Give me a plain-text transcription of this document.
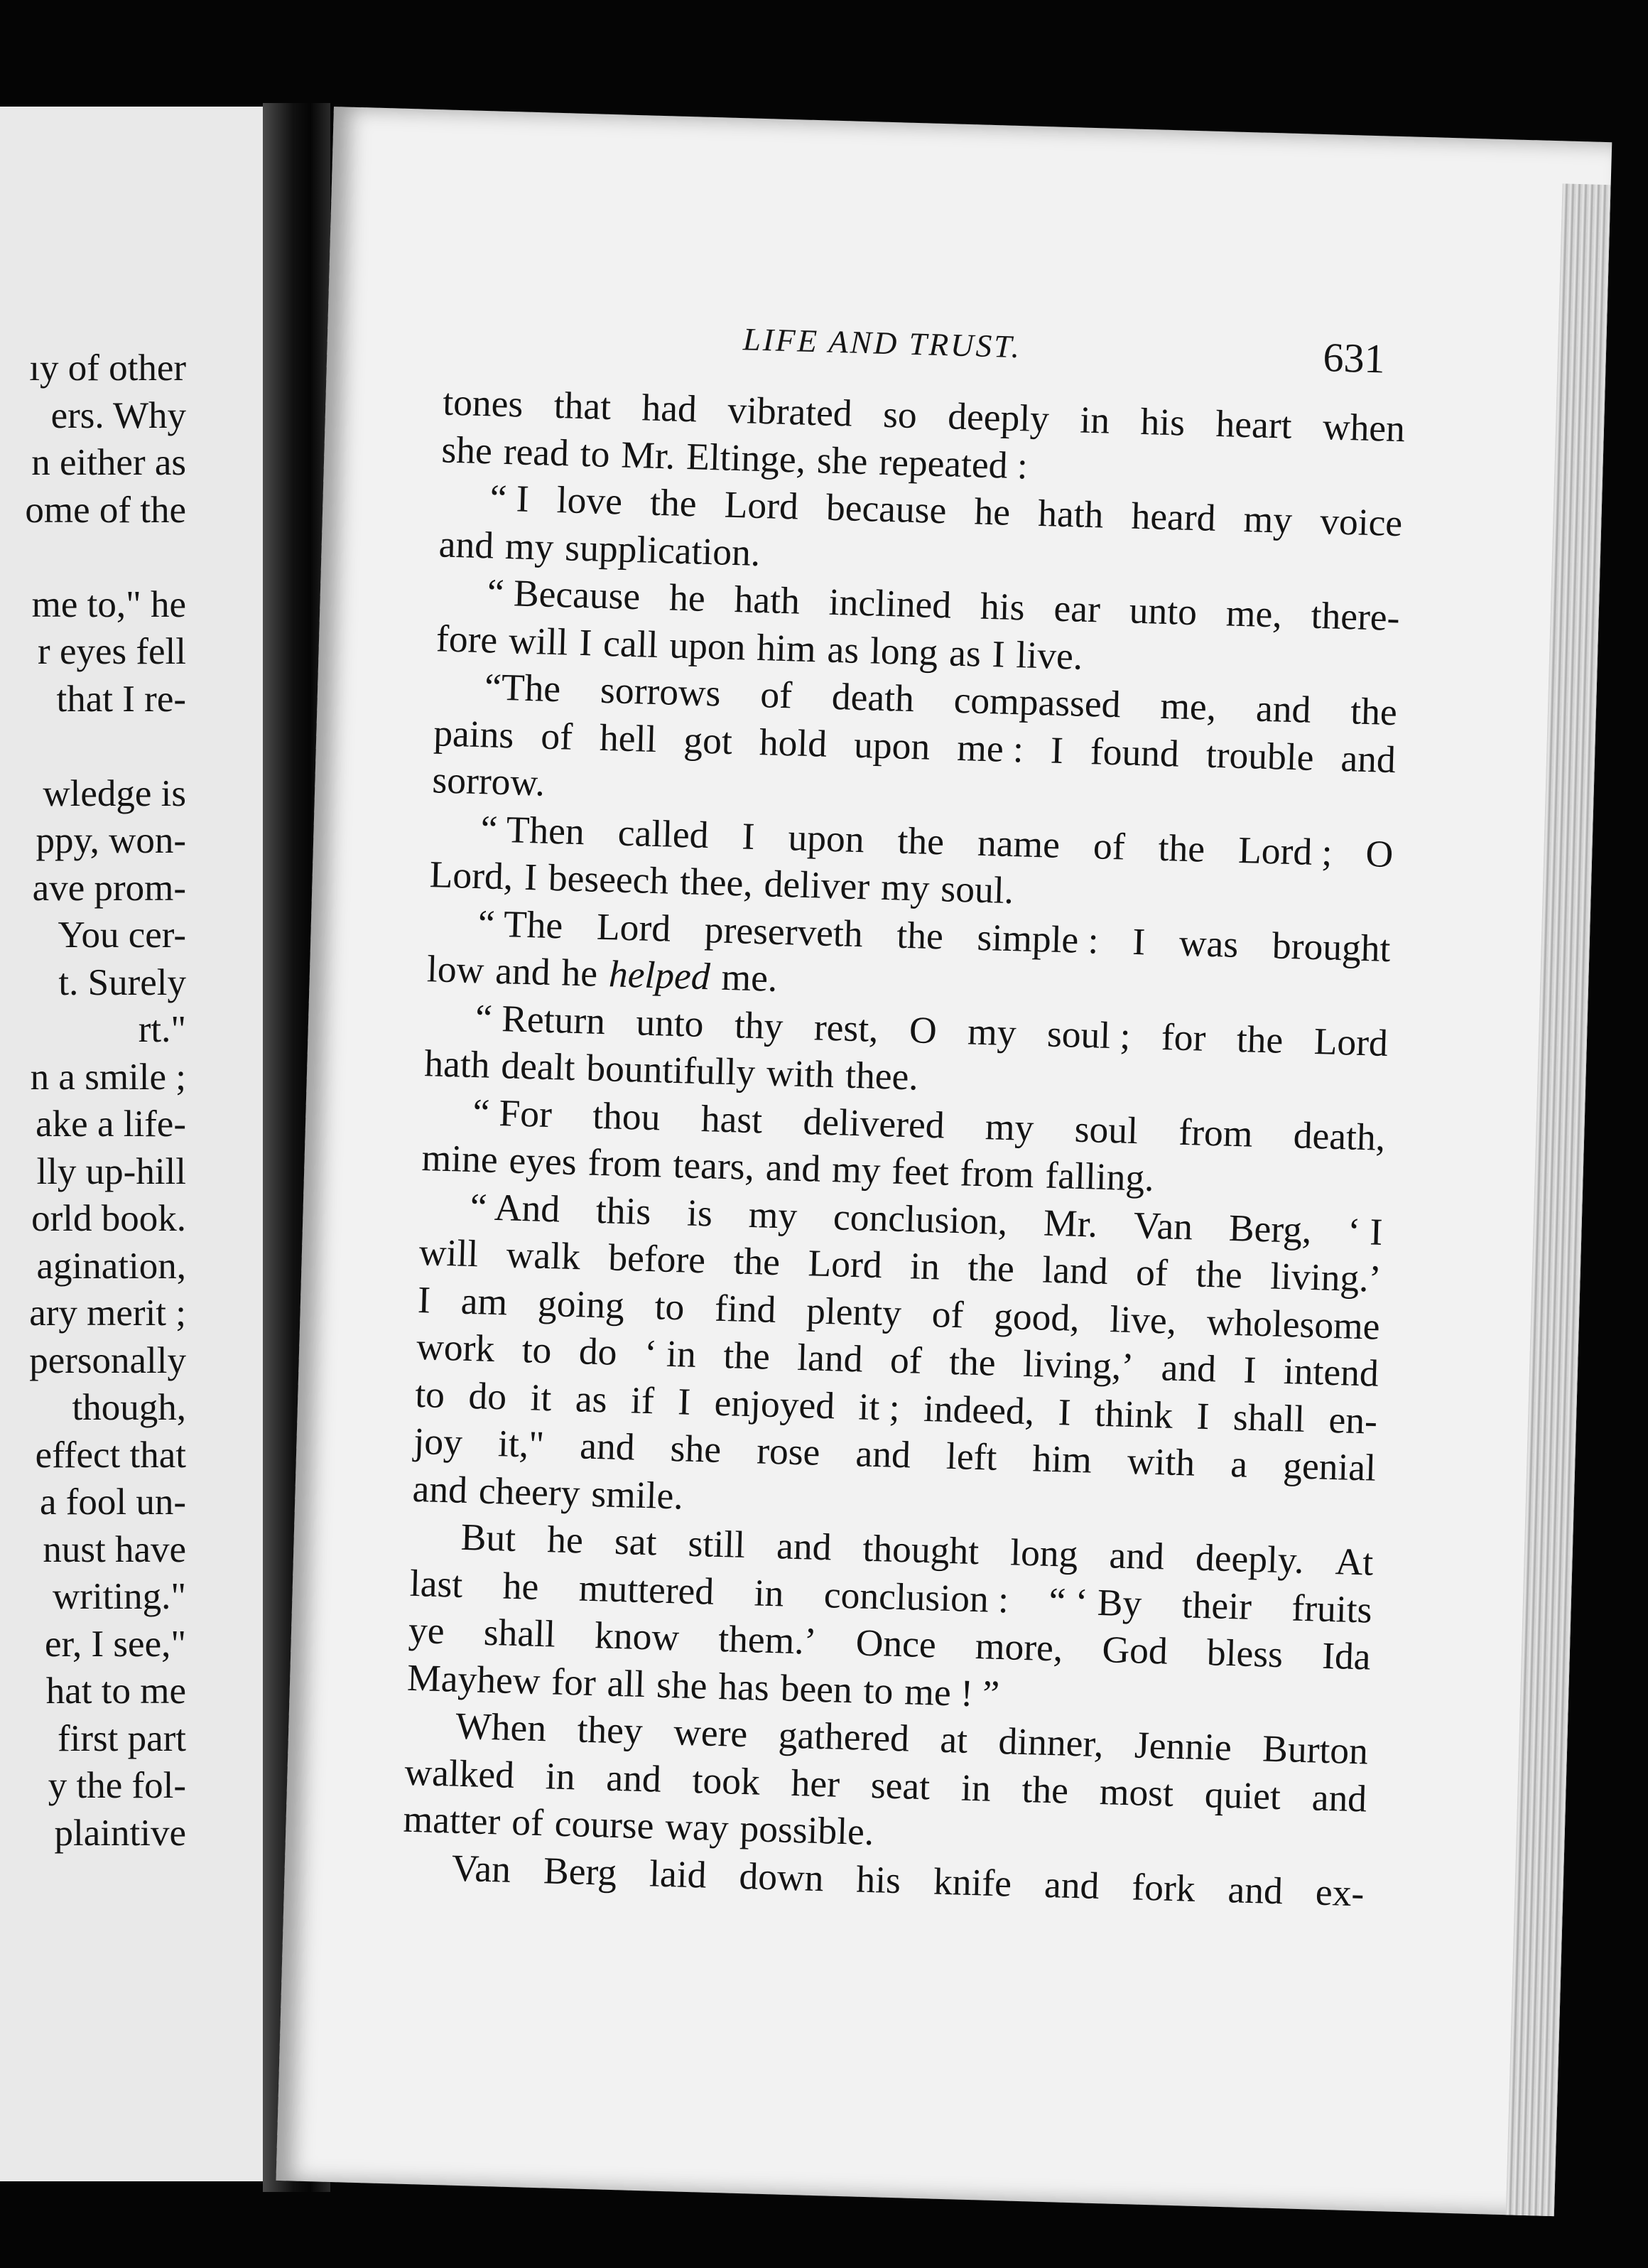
ıy of other
ers. Why
n either as
ome of the

me to," he
r eyes fell
that I re-

wledge is
ppy, won-
ave prom-
You cer-
t. Surely
rt."
n a smile ;
ake a life-
lly up-hill
orld book.
agination,
ary merit ;
personally
though,
effect that
a fool un-
nust have
writing."
er, I see,"
hat to me
first part
y the fol-
plaintive
LIFE AND TRUST.	631
tones that had vibrated so deeply in his heart when
she read to Mr. Eltinge, she repeated :
“ I love the Lord because he hath heard my voice
and my supplication.
“ Because he hath inclined his ear unto me, there-
fore will I call upon him as long as I live.
“The sorrows of death compassed me, and the
pains of hell got hold upon me : I found trouble and
sorrow.
“ Then called I upon the name of the Lord ; O
Lord, I beseech thee, deliver my soul.
“ The Lord preserveth the simple : I was brought
low and he helped me.
“ Return unto thy rest, O my soul ; for the Lord
hath dealt bountifully with thee.
“ For thou hast delivered my soul from death,
mine eyes from tears, and my feet from falling.
“ And this is my conclusion, Mr. Van Berg, ‘ I
will walk before the Lord in the land of the living.’
I am going to find plenty of good, live, wholesome
work to do ‘ in the land of the living,’ and I intend
to do it as if I enjoyed it ; indeed, I think I shall en-
joy it," and she rose and left him with a genial
and cheery smile.
But he sat still and thought long and deeply. At
last he muttered in conclusion : “ ‘ By their fruits
ye shall know them.’ Once more, God bless Ida
Mayhew for all she has been to me ! ”
When they were gathered at dinner, Jennie Burton
walked in and took her seat in the most quiet and
matter of course way possible.
Van Berg laid down his knife and fork and ex-
